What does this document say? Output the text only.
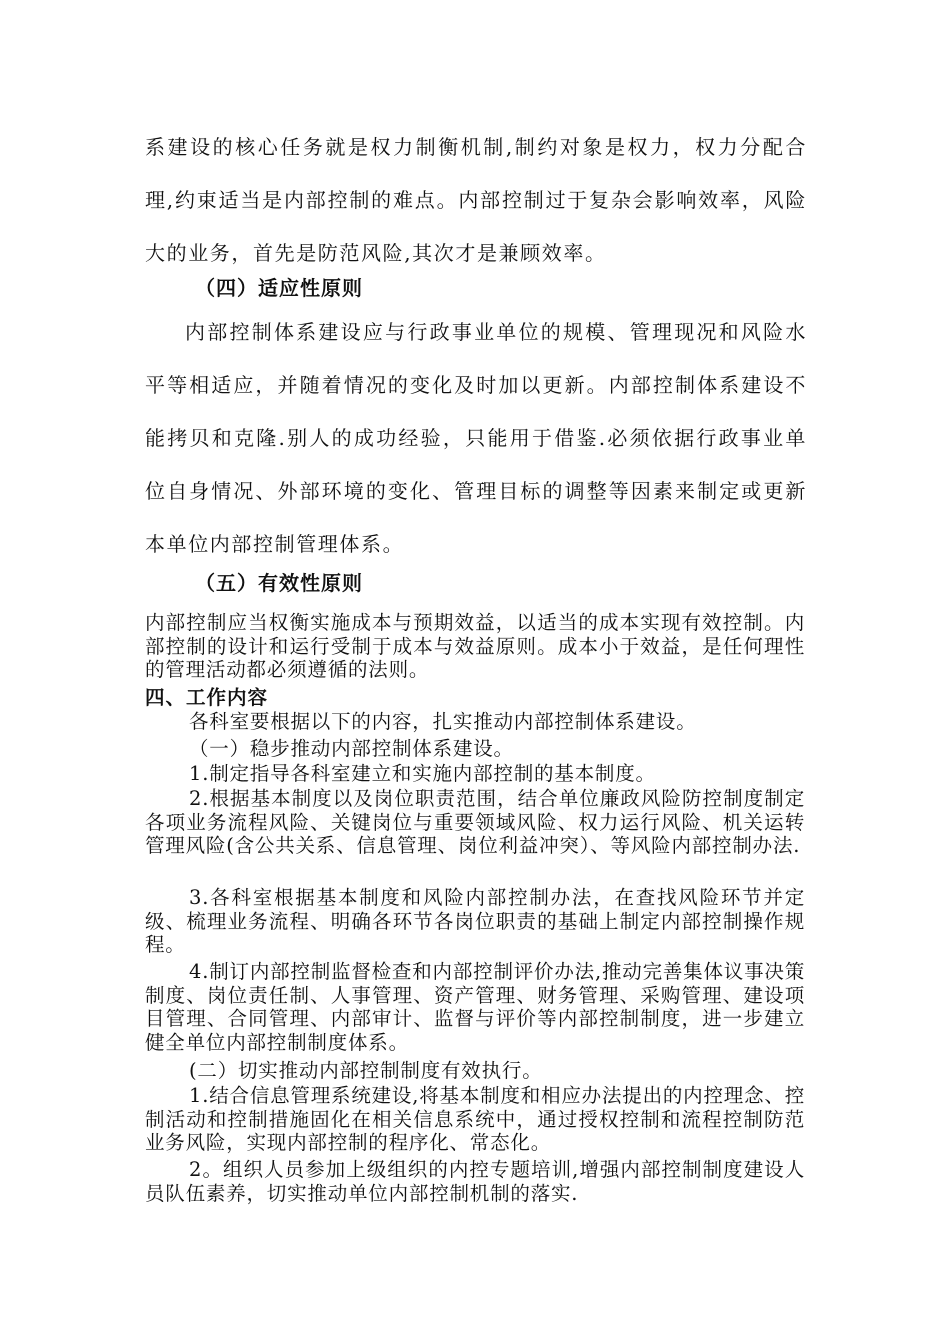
系建设的核心任务就是权力制衡机制,制约对象是权力，权力分配合理,约束适当是内部控制的难点。内部控制过于复杂会影响效率，风险大的业务，首先是防范风险,其次才是兼顾效率。

（四）适应性原则

内部控制体系建设应与行政事业单位的规模、管理现况和风险水平等相适应，并随着情况的变化及时加以更新。内部控制体系建设不能拷贝和克隆.别人的成功经验，只能用于借鉴.必须依据行政事业单位自身情况、外部环境的变化、管理目标的调整等因素来制定或更新本单位内部控制管理体系。

（五）有效性原则

内部控制应当权衡实施成本与预期效益，以适当的成本实现有效控制。内部控制的设计和运行受制于成本与效益原则。成本小于效益，是任何理性的管理活动都必须遵循的法则。

四、工作内容

各科室要根据以下的内容，扎实推动内部控制体系建设。

（一）稳步推动内部控制体系建设。

1.制定指导各科室建立和实施内部控制的基本制度。

2.根据基本制度以及岗位职责范围，结合单位廉政风险防控制度制定各项业务流程风险、关键岗位与重要领域风险、权力运行风险、机关运转管理风险(含公共关系、信息管理、岗位利益冲突）、等风险内部控制办法.

3.各科室根据基本制度和风险内部控制办法，在查找风险环节并定级、梳理业务流程、明确各环节各岗位职责的基础上制定内部控制操作规程。

4.制订内部控制监督检查和内部控制评价办法,推动完善集体议事决策制度、岗位责任制、人事管理、资产管理、财务管理、采购管理、建设项目管理、合同管理、内部审计、监督与评价等内部控制制度，进一步建立健全单位内部控制制度体系。

(二）切实推动内部控制制度有效执行。

1.结合信息管理系统建设,将基本制度和相应办法提出的内控理念、控制活动和控制措施固化在相关信息系统中，通过授权控制和流程控制防范业务风险，实现内部控制的程序化、常态化。

2。组织人员参加上级组织的内控专题培训,增强内部控制制度建设人员队伍素养，切实推动单位内部控制机制的落实.
